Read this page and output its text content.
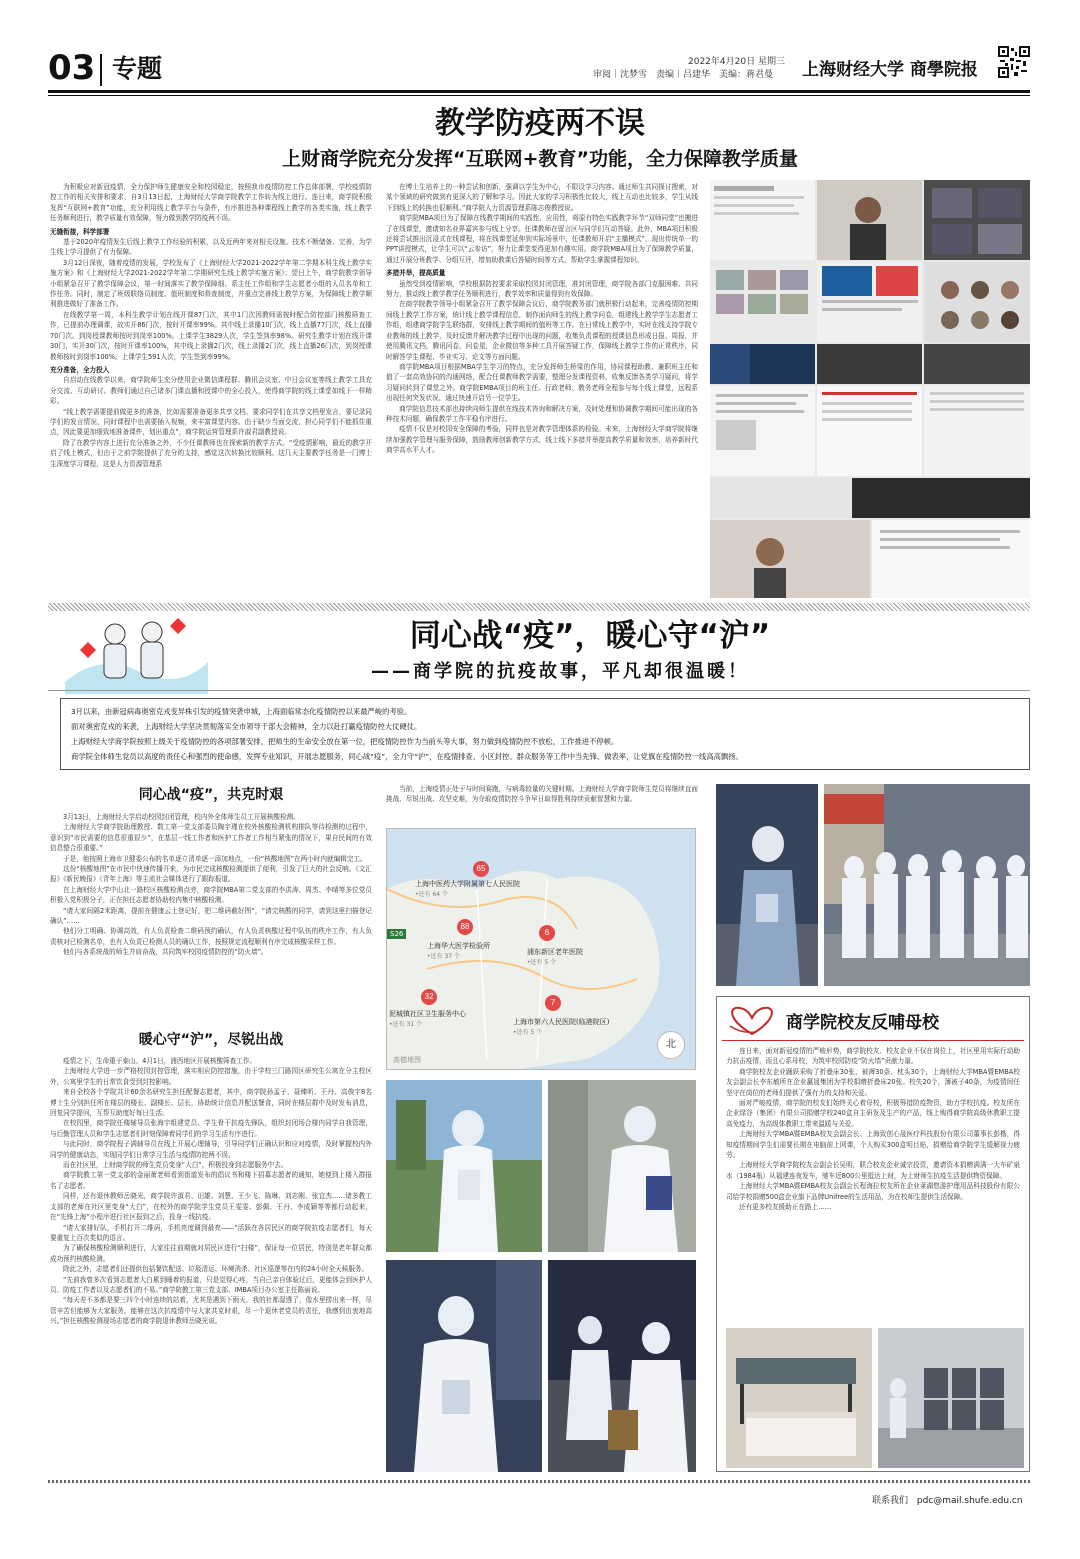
03 专题	2022年4月20日 星期三
审阅｜沈梦雪　责编｜吕建华　美编：蒋君曼 上海财经大学 商學院报
教学防疫两不误
上财商学院充分发挥“互联网+教育”功能，全力保障教学质量

为积极应对新冠疫情，全力保护师生健康安全和校园稳定，按照我市疫情防控工作总体部署，学校疫情防控工作的相关安排和要求，自3月13日起，上海财经大学商学院教学工作转为线上进行。连日来，商学院积极发挥“互联网+教育”功能，充分利用线上教学平台与条件，有序推进各种课程线上教学的各类实施，线上教学任务顺利进行，教学质量有效保障，努力做到教学防疫两不误。

无缝衔接，科学部署

基于2020年疫情发生后线上教学工作经验的积累，以及近两年来对相关设施、技术不断储备、完善，为学生线上学习提供了有力保障。

3月12日深夜，随着疫情的发展，学校发布了《上海财经大学2021-2022学年第二学期本科生线上教学实施方案》和《上海财经大学2021-2022学年第二学期研究生线上教学实施方案》；翌日上午，商学院教学领导小组紧急召开了教学保障会议，第一时间落实了教学保障细、系主任工作组和学生志愿者小组的人员名单和工作任务。同时，制定了班级联络员制度、值班制度和督查制度，并重点完善线上教学方案，为保障线上教学顺利推进做好了准备工作。

在线教学第一周，本科生教学计划在线开课87门次，其中1门次因教师需按时配合防控部门核酸筛查工作，已提前办理调课，故实开86门次，按时开课率99%。其中线上录播10门次，线上直播77门次，线上直播70门次。到岗授课教师按时到岗率100%。上课学生3829人次，学生签到率98%。研究生教学计划在线开课30门，实开30门次，按时开课率100%，其中线上录播2门次，线上录播2门次，线上直播26门次，到岗授课教师按时到岗率100%。上课学生591人次，学生签到率99%。

充分准备，全力投入

自启动在线教学以来，商学院师生充分使用企业微信课程群、腾讯会议室、中日会议室等线上教学工具充分交流、互动研讨。教师们通过自己诸多门课直播和授课中的全心投入，使得商学院的线上课堂如线下一样精彩。

“线上教学需要提前做更多的准备，比如需要准备更多共享文档、要求同学们在共享文档里发言，要记录同学们的发言情况，同时课程中也需要插入视频，来丰富课堂内容。由于缺少当面交流，担心同学们不能抓住重点，因此要更加细致地准备课件，划出重点”，商学院运营管理系许淑君副教授说。

除了在教学内容上进行充分准备之外，不少任课教师也在探索新的教学方式。“受疫情影响，最近的教学开启了线上模式，但由于之前学院提供了充分的支持，感觉这次转换比较顺利。这几天主要教学任务是一门博士生深度学习课程，这是人力资源管理系

在博士生培养上的一种尝试和创新，强调以学生为中心，不限设学习内容。通过师生共同探讨搜索，对某个领域的研究做到有更深入的了解和学习。因此大家的学习积极性比较大，线上互动也比较多，学生从线下到线上的转换也很顺利。”商学院人力资源管理系陈志俊教授说。

商学院MBA项目为了保障在线教学期间的实践性、应用性，将原有特色实践教学环节“双师同堂”也搬进了在线课堂，邀请知名业界嘉宾参与线上分享。任课教师在留言区与同学们互动答疑。此外，MBA项目积极还将尝试推出沉浸式在线课程，将在线课堂延伸到实际场景中，任课教师开启“主播模式”，现出传统单一的PPT讲授模式，让学生可以“云参访”，努力让课堂变得更加有趣实用。商学院MBA项目为了保障教学质量，通过开展分班教学、分组互评，增加助教课后答疑时间等方式，帮助学生掌握课程知识。

多措并举，提高质量

虽然受到疫情影响，学校根据防控要求采取校园封闭管理，准封闭管理，商学院各部门克服困难、共同努力，推动线上教学教学任务顺利进行，教学效率和质量得到有效保障。

在商学院教学领导小组紧急召开了教学保障会议后，商学院教务部门就积极行动起来，完善疫情防控期间线上教学工作方案，统计线上教学课程信息，制作面向师生的线上教学问卷，组建线上教学学生志愿者工作组，组建商学院学生联络群，安排线上教学期间的值班等工作。在日常线上教学中，实时在线支持学院专业教师的线上教学，及时反馈并解决教学过程中出现的问题，收集负责课程的授课信息形成日报、周报，并使用腾讯文档，腾讯问卷，问卷星，企业微信等多种工具开展答疑工作，保障线上教学工作的正常秩序，同时解答学生课程、毕业实习、论文等方面问题。

商学院MBA项目根据MBA学生学习的特点，充分发挥师生桥梁的作用，协同课程助教、兼职班主任和值了一套高效协同的沟通网络，配合任课教师教学需要，整理分发课程资料，收集反馈各类学习疑问，将学习疑问转到了课堂之外。商学院EMBA项目的班主任、行政老师、教务老师全程参与每个线上课堂，远程系出现任何突发状况，通过快速开启另一位学生。

商学院信息技术部也持续向师生提供在线技术咨询和解决方案，及时处理和协调教学期间可能出现的各种技术问题，确保教学工作平稳有序进行。

疫情不仅是对校园安全保障的考验，同样也是对教学管理体系的检验。未来，上海财经大学商学院将继续加强教学管理与服务保障，鼓励教师创新教学方式，线上线下多措并举提高教学质量和效率，培养新时代商学高水平人才。

同心战“疫”，暖心守“沪”
——商学院的抗疫故事，平凡却很温暖！
3月以来，由新冠病毒奥密克戎变异株引发的疫情突袭申城，上海面临常态化疫情防控以来最严峻的考验。
面对奥密克戎的来袭，上海财经大学坚决贯彻落实全市领导干部大会精神，全力以赴打赢疫情防控大仗硬仗。
上海财经大学商学院按照上级关于疫情防控的各项部署安排，把师生的生命安全放在第一位，把疫情防控作为当前头等大事，努力做到疫情防控不放松，工作推进不停顿。
商学院全体师生党员以高度的责任心和强烈的使命感，发挥专业知识，开展志愿服务，同心战“疫”，全力守“沪”，在疫情排查、小区封控、群众服务等工作中当先锋、做表率，让党旗在疫情防控一线高高飘扬。
同心战“疫”，共克时艰

3月13日，上海财经大学启动校园封闭管理，校内外全体师生员工开展核酸检测。

上海财经大学商学院助理教授、数工第一党支部委员陶宇瑾在校外核酸检测机构排队等待检测的过程中，意识到“市民需要的信息很重很少”，在基层一线工作者和医护工作者工作相当紧张的情况下，果自民间的有效信息整合很重要。”

于是，他按照上海市卫健委公布的名单逐立清单逐一添加地点，一份“核酸地图”在两小时内就编辑完工。

这份“核酸地图”在市民中快速传播开来，为市民完成核酸检测提供了便利，引发了巨大的社会反响。《文汇报》《新民晚报》《青年上海》等主流社会媒体进行了跟踪报道。

在上海财经大学中山北一路校区核酸检测点旁，商学院MBA第二党支部的李洪涛、周杰、李晴等多位党员积极入党积极分子，正在担任志愿者协助校内集中核酸检测。

“请大家间隔2米距离，提前在健康云上登记好，把二维码截好图”，“请完核酸的同学，请到这里扫描登记确认”……

他们分工明确、协调高效，有人负责检查二维码预约确认，有人负责核酸过程中队伍的秩序工作，有人负责核对已检测名单，也有人负责已检测人员的确认工作，按照规定流程顺利有序完成核酸采样工作。

他们与各系统战的师生并肩奋战，共同筑牢校园疫情防控的“防火墙”。

暖心守“沪”，尽锐出战

疫情之下，生命重于泰山。4月1日，浦西地区开展核酸筛查工作。

上海财经大学进一步严格校园封控管理，落实相应防控措施，由于学校三门路园区研究生公寓在分主校区外，公寓里学生的日常饮食受到封控影响。

来自全校各个学院共计60余名研究生担任配餐志愿者，其中，商学院孙孟子、聂臻昕、王丹、高俊宇8名博士生分别担任所在楼层的楼长、副楼长、层长，协助统计信息并配送餐食，同时在楼层群中及时发布消息，回复同学提问，互帮互助度好每日生活。

在校园里，商学院任楼辅导员张海宇组建党员、学生骨干抗疫先锋队，组织封闭场合楼内同学自我管理，与后勤管理人员和学生志愿者们时刻保障着同学们的学习生活有序进行。

与此同时，商学院程子满辅导员在线上开展心理辅导，引导同学们正确认识和应对疫情，及时掌握校内外同学的健康动态，实现同学们日常学习生活与疫情防控两不误。

而在社区里，上财商学院的师生党员变身“大白”，积极投身到志愿服务中去。

商学院教工第一党支部的金丽萧老师看到街道发布的倡议书和楼下招募志愿者的通知，她便到上楼入群报名了志愿者。

同样，还有退休教师岳晓光，商学院许淑君、田雄、刘慧、王少飞、陈琳、刘志刚、张宜杰……诸多教工支部的老师在社区里变身“大白”，在校外的商学院学生党员王雯雯、彭佩、王丹、李成颖等等都行动起来，在“先锋上海”小程序进行社区报到之后，投身一线抗疫。

“请大家排好队，手机打开二维码，手机亮度调到最亮——”活跃在各居民区的商学院抗疫志愿者们，每天要重复上百次类似的语言。

为了确保核酸检测顺利进行，大家往往前期就对居民区进行“扫楼”，保证每一位居民，特别是老年群众都成功预约核酸检测。

除此之外，志愿者们还提供包括餐饮配送、垃圾清运、环境消杀、社区巡逻等在内的24小时全天候服务。

“先前我曾多次看到志愿者大白累到睡着的报道，只是觉得心疼，当自己亲自体验过后，更能体会到医护人员、防疫工作者以及志愿者们的不易。”商学院教工第三党支部、IMBA项目办公室主任陈丽说。

“每天差不多都是要三四个小时连续的站着，尤其是遇到下雨天，我的社都湿透了，像水里捞出来一样，尽管辛苦但能够为大家服务，能够在这次抗疫情中与大家共克时艰，尽一个退休老党员的责任，我感到由衷地高兴。”担任核酸检测现场志愿者的商学院退休教师岳晓光说。

当前，上海疫情正处于与时间赛跑，与病毒较量的关键时期。上海财经大学商学院师生党员将继续直面挑战、尽锐出战、攻坚克难，为夺取疫情防控斗争早日取得胜利持续贡献智慧和力量。

上海中医药大学附属第七人民医院
•还有 64 个
S26
65
88
上海华大医学检验所
•还有 37 个
6
浦东新区老年医院
•还有 5 个
32
泥城镇社区卫生服务中心
•还有 31 个
7
上海市第六人民医院(临港院区)
•还有 5 个
北
高德地图
商学院校友反哺母校

连日来，面对新冠疫情的严峻形势，商学院校友、校友企业不仅在岗位上，社区里用实际行动助力抗击疫情，而且心系母校，为筑牢校园防疫“防火墙”贡献力量。

商学院校友企业踊跃采购了折叠床30张、被褥30条、枕头30个，上海财经大学MBA暨EMBA校友会副会长李东敏所在企业赢晟集团为学校捐赠折叠床20张。校失20个，薄被子40条，为疫情间任坚守在岗位的老师们提供了强有力的支持和关爱。

面对严峻疫情，商学院的校友们始终关心着母校，积极筹措防疫物资，助力学校抗疫。校友所在企业绿谷（集团）有限公司捐赠学校240盒自主研发及生产的产品，线上购得商学院高级休教职工提高免疫力，为高级体教职工带来温暖与关爱。

上海财经大学MBA暨EMBA校友会副会长、上海致创心晟医疗科技股份有限公司董事长彭楷，得知疫情期间学生们需要长期在电脑前上网课，个人购买300盒明目贴，捐赠给商学院学生缓解视力疲劳。

上海财经大学商学院校友会副会长吴明，联合校友企业诚宗投资，邀请资本捐赠满满一大车矿泉水（1984瓶）从福建连夜发车，驰车近800公里抵达上财，为上财师生抗疫生活提供物资保障。

上海财经大学MBA暨EMBA校友会副会长程海拉校友所在企业莱湖悠游护理用品科技股份有限公司给学校捐赠500盒企业旗下品牌Unifree的生活用品，为在校师生提供生活保障。

还有更多校友援助正在路上……

联系我们 pdc@mail.shufe.edu.cn
